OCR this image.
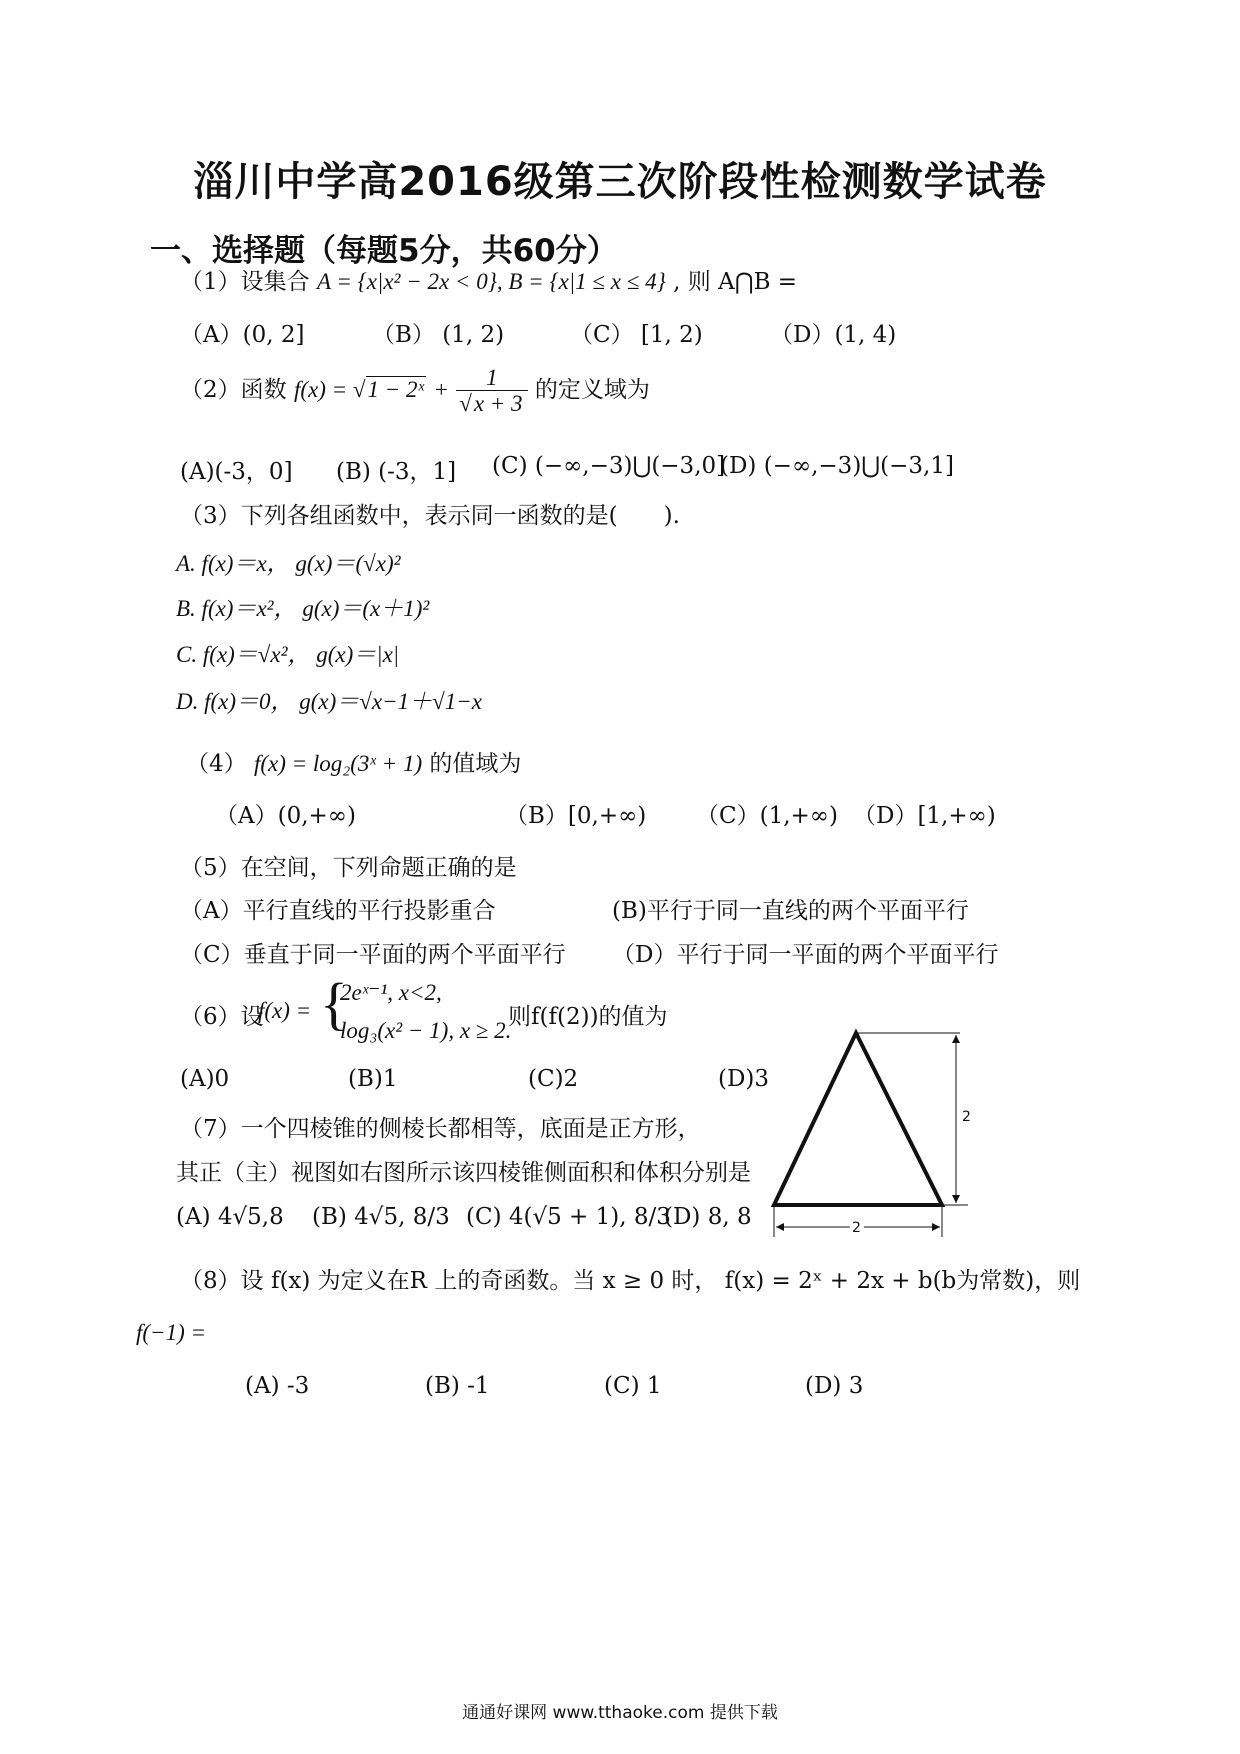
淄川中学高2016级第三次阶段性检测数学试卷
一、选择题（每题5分，共60分）
（1）设集合 A = {x|x² − 2x < 0}, B = {x|1 ≤ x ≤ 4} , 则 A⋂B =
（A）(0, 2]	（B） (1, 2)	（C） [1, 2)	（D）(1, 4)
（2）函数 f(x) = √1 − 2ˣ + $\frac{1}{√x + 3}$ 的定义域为
(A)(-3，0] (B) (-3，1] (C) (−∞,−3)⋃(−3,0]
(D) (−∞,−3)⋃(−3,1]
（3）下列各组函数中，表示同一函数的是(　　).
A. f(x)＝x， g(x)＝(√x)²
B. f(x)＝x²， g(x)＝(x＋1)²
C. f(x)＝√x²， g(x)＝|x|
D. f(x)＝0， g(x)＝√x−1＋√1−x
（4） f(x) = log₂(3ˣ + 1) 的值域为
（A）(0,+∞)	（B）[0,+∞) （C）(1,+∞) （D）[1,+∞)
（5）在空间，下列命题正确的是
（A）平行直线的平行投影重合	(B)平行于同一直线的两个平面平行
（C）垂直于同一平面的两个平面平行 （D）平行于同一平面的两个平面平行
（6）设
f(x) = {
2eˣ⁻¹, x<2,
log₃(x² − 1), x ≥ 2.
则f(f(2))的值为
(A)0	(B)1	(C)2	(D)3
（7）一个四棱锥的侧棱长都相等，底面是正方形，
其正（主）视图如右图所示该四棱锥侧面积和体积分别是
(A) 4√5,8 (B) 4√5, 8/3 (C) 4(√5 + 1), 8/3
(D) 8, 8
2
2
（8）设 f(x) 为定义在R 上的奇函数。当 x ≥ 0 时， f(x) = 2ˣ + 2x + b(b为常数)，则
f(−1) =
(A) -3	(B) -1	(C) 1	(D) 3
通通好课网 www.tthaoke.com 提供下载
